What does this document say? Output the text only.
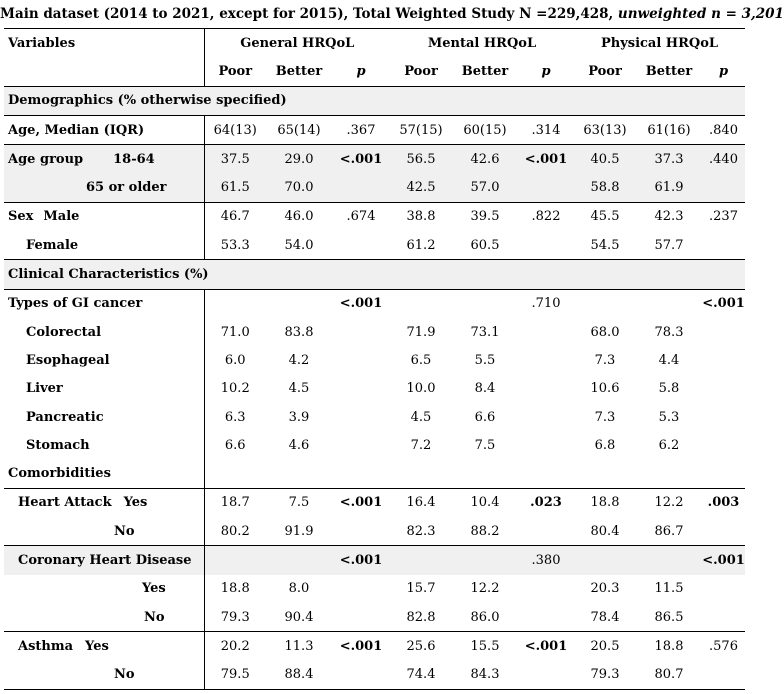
Main dataset (2014 to 2021, except for 2015), Total Weighted Study N =229,428, unweighted n = 3,201
Variables	General HRQoL			Mental HRQoL			Physical HRQoL		
	Poor	Better	p	Poor	Better	p	Poor	Better	p
Demographics (% otherwise specified)									
Age, Median (IQR)	64(13)	65(14)	.367	57(15)	60(15)	.314	63(13)	61(16)	.840
Age group 18-64	37.5	29.0	<.001	56.5	42.6	<.001	40.5	37.3	.440
65 or older	61.5	70.0		42.5	57.0		58.8	61.9	
Sex Male	46.7	46.0	.674	38.8	39.5	.822	45.5	42.3	.237
Female	53.3	54.0		61.2	60.5		54.5	57.7	
Clinical Characteristics (%)									
Types of GI cancer			<.001			.710			<.001
Colorectal	71.0	83.8		71.9	73.1		68.0	78.3	
Esophageal	6.0	4.2		6.5	5.5		7.3	4.4	
Liver	10.2	4.5		10.0	8.4		10.6	5.8	
Pancreatic	6.3	3.9		4.5	6.6		7.3	5.3	
Stomach	6.6	4.6		7.2	7.5		6.8	6.2	
Comorbidities									
Heart Attack Yes	18.7	7.5	<.001	16.4	10.4	.023	18.8	12.2	.003
No	80.2	91.9		82.3	88.2		80.4	86.7	
Coronary Heart Disease			<.001			.380			<.001
Yes	18.8	8.0		15.7	12.2		20.3	11.5	
No	79.3	90.4		82.8	86.0		78.4	86.5	
Asthma Yes	20.2	11.3	<.001	25.6	15.5	<.001	20.5	18.8	.576
No	79.5	88.4		74.4	84.3		79.3	80.7	
